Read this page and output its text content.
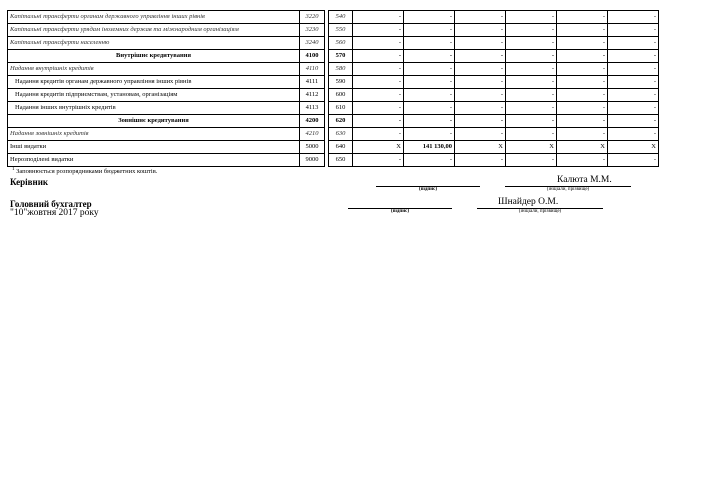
Капітальні трансферти органам державного управління інших рівнів	3220		540	-	-	-	-	-	-
Капітальні трансферти урядам іноземних держав та міжнародним організаціям	3230		550	-	-	-	-	-	-
Капітальні трансферти населенню	3240		560	-	-	-	-	-	-
Внутрішнє кредитування	4100		570	-	-	-	-	-	-
Надання внутрішніх кредитів	4110		580	-	-	-	-	-	-
Надання кредитів органам державного управління інших рівнів	4111		590	-	-	-	-	-	-
Надання кредитів підприємствам, установам, організаціям	4112		600	-	-	-	-	-	-
Надання інших внутрішніх кредитів	4113		610	-	-	-	-	-	-
Зовнішнє кредитування	4200		620	-	-	-	-	-	-
Надання зовнішніх кредитів	4210		630	-	-	-	-	-	-
Інші видатки	5000		640	X	141 130,00	X	X	X	X
Нерозподілені видатки	9000		650	-	-	-	-	-	-
$^1$ Заповнюється розпорядниками бюджетних коштів.
Керівник
(підпис)
Калюта М.М.
(ініціали, прізвище)
Головний бухгалтер
(підпис)
Шнайдер О.М.
(ініціали, прізвище)
"10"жовтня 2017 року
